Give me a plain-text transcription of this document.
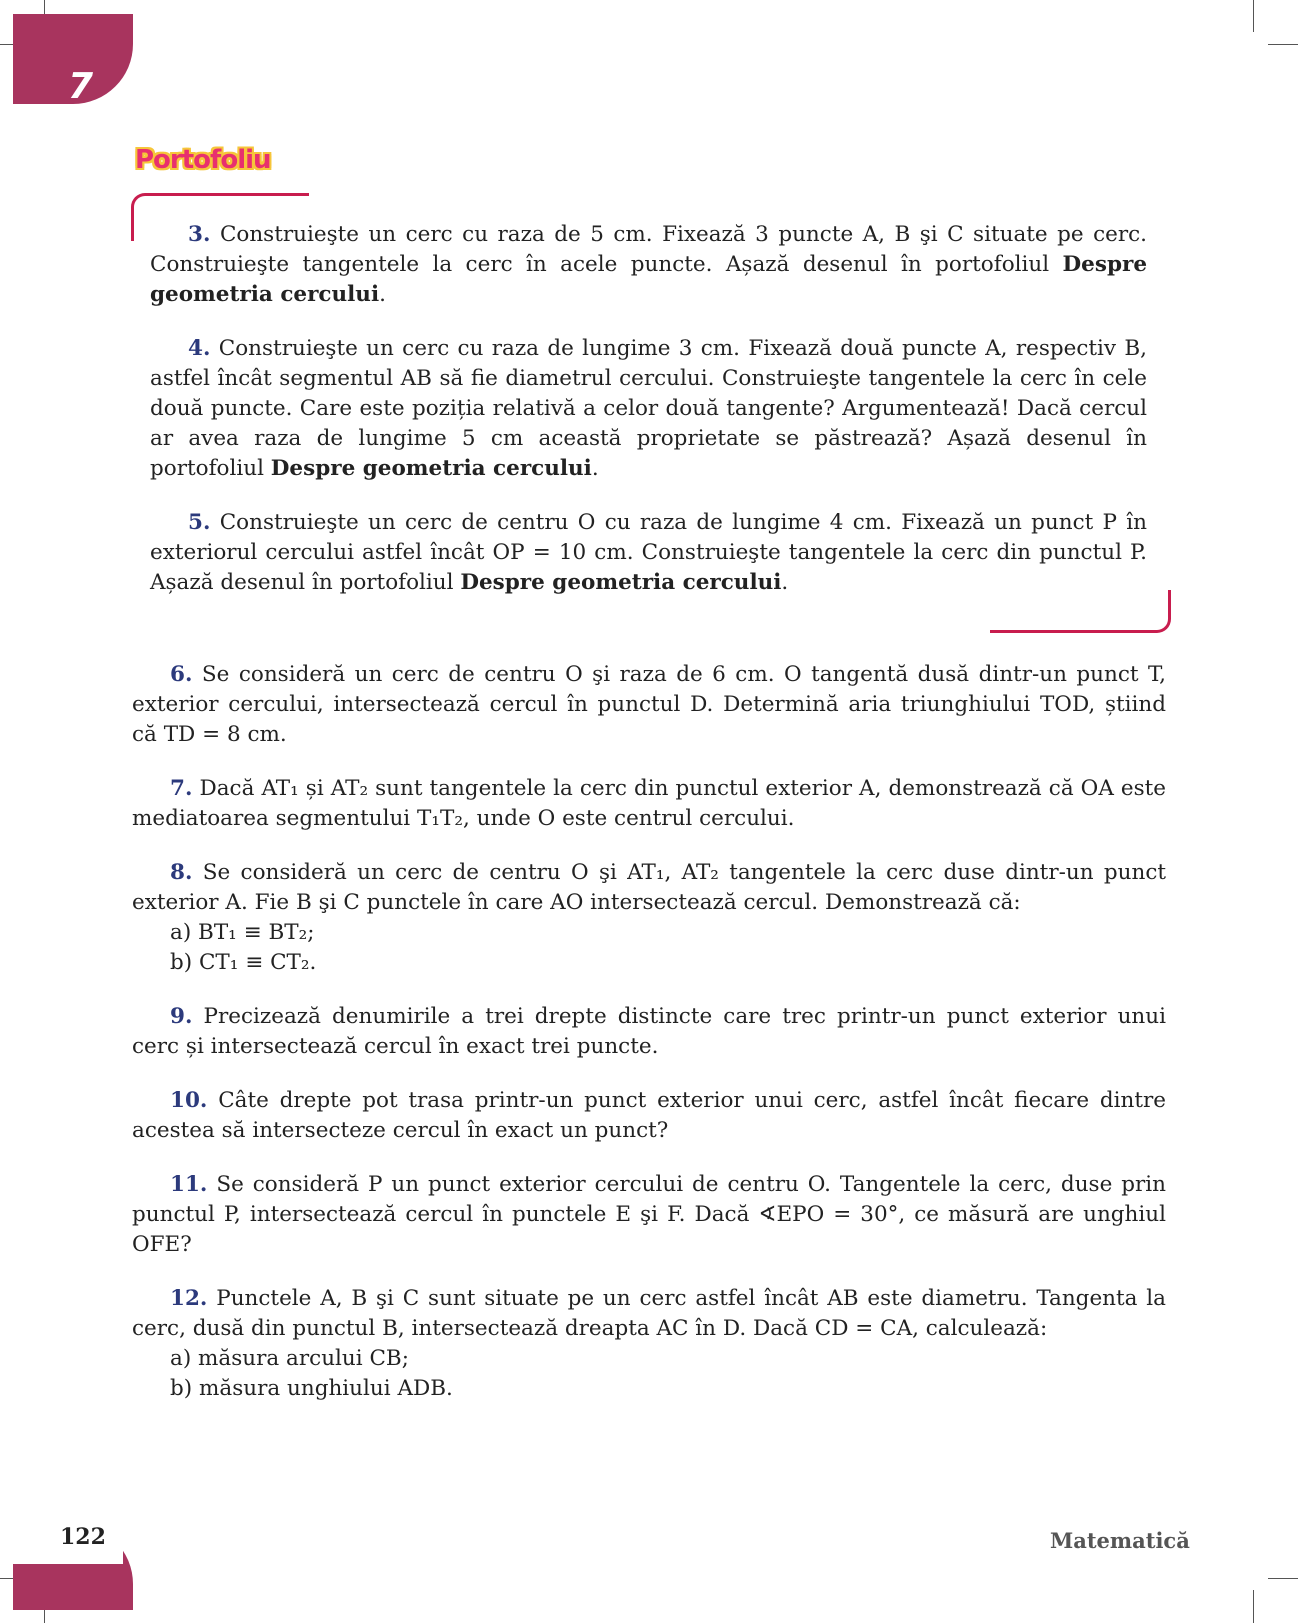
7
Portofoliu

3. Construieşte un cerc cu raza de 5 cm. Fixează 3 puncte A, B şi C situate pe cerc. Construieşte tangentele la cerc în acele puncte. Așază desenul în portofoliul Despre geometria cercului.

4. Construieşte un cerc cu raza de lungime 3 cm. Fixează două puncte A, respectiv B, astfel încât segmentul AB să fie diametrul cercului. Construieşte tangentele la cerc în cele două puncte. Care este poziția relativă a celor două tangente? Argumentează! Dacă cercul ar avea raza de lungime 5 cm această proprietate se păstrează? Așază desenul în portofoliul Despre geometria cercului.

5. Construieşte un cerc de centru O cu raza de lungime 4 cm. Fixează un punct P în exteriorul cercului astfel încât OP = 10 cm. Construieşte tangentele la cerc din punctul P. Așază desenul în portofoliul Despre geometria cercului.

6. Se consideră un cerc de centru O şi raza de 6 cm. O tangentă dusă dintr-un punct T, exterior cercului, intersectează cercul în punctul D. Determină aria triunghiului TOD, știind că TD = 8 cm.

7. Dacă AT₁ și AT₂ sunt tangentele la cerc din punctul exterior A, demonstrează că OA este mediatoarea segmentului T₁T₂, unde O este centrul cercului.

8. Se consideră un cerc de centru O şi AT₁, AT₂ tangentele la cerc duse dintr-un punct exterior A. Fie B şi C punctele în care AO intersectează cercul. Demonstrează că:

a) BT₁ ≡ BT₂;

b) CT₁ ≡ CT₂.

9. Precizează denumirile a trei drepte distincte care trec printr-un punct exterior unui cerc și intersectează cercul în exact trei puncte.

10. Câte drepte pot trasa printr-un punct exterior unui cerc, astfel încât fiecare dintre acestea să intersecteze cercul în exact un punct?

11. Se consideră P un punct exterior cercului de centru O. Tangentele la cerc, duse prin punctul P, intersectează cercul în punctele E şi F. Dacă ∢EPO = 30°, ce măsură are unghiul OFE?

12. Punctele A, B şi C sunt situate pe un cerc astfel încât AB este diametru. Tangenta la cerc, dusă din punctul B, intersectează dreapta AC în D. Dacă CD = CA, calculează:

a) măsura arcului CB;

b) măsura unghiului ADB.

122	Matematică
